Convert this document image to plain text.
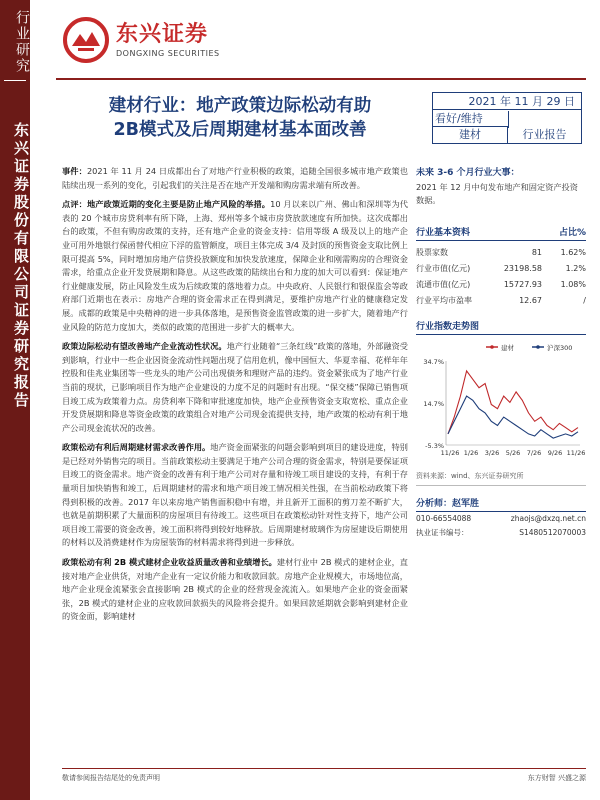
行业研究
东兴证券股份有限公司证券研究报告
东兴证券
DONGXING SECURITIES
建材行业：地产政策边际松动有助
2B模式及后周期建材基本面改善
2021 年 11 月 29 日
看好/维持
建材	行业报告

事件：2021 年 11 月 24 日成都出台了对地产行业积极的政策，追随全国很多城市地产政策也陆续出现一系列的变化，引起我们的关注是否在地产开发端和购房需求端有所改善。

点评：地产政策近期的变化主要是防止地产风险的举措。10 月以来以广州、佛山和深圳等为代表的 20 个城市房贷利率有所下降，上海、郑州等多个城市房贷放款速度有所加快。这次成都出台的政策，不但有购房政策的支持，还有地产企业的资金支持：信用等级 A 级及以上的地产企业可用外地银行保函替代相应下浮的监管额度，项目主体完成 3/4 及封顶的预售资金支取比例上限可提高 5%，同时增加房地产信贷投放额度和加快发放速度，保障企业和刚需购房的合理资金需求，给重点企业开发贷展期和降息。从这些政策的陆续出台和力度的加大可以看到：保证地产行业健康发展，防止风险发生成为后续政策的落地着力点。中央政府、人民银行和银保监会等政府部门近期也在表示：房地产合理的资金需求正在得到满足，要维护房地产行业的健康稳定发展。成都的政策是中央精神的进一步具体落地，是预售资金监管政策的进一步扩大，随着地产行业风险的防范力度加大，类似的政策的范围进一步扩大的概率大。

政策边际松动有望改善地产企业流动性状况。地产行业随着“三条红线”政策的落地，外部融资受到影响，行业中一些企业因资金流动性问题出现了信用危机，像中国恒大、华夏幸福、花样年年控股和佳兆业集团等一些龙头的地产公司出现债务和理财产品的违约。资金紧张成为了地产行业当前的现状，已影响项目作为地产企业建设的力度不足的问题时有出现。“保交楼”保障已销售项目竣工成为政策着力点。房贷利率下降和审批速度加快，地产企业预售资金支取宽松、重点企业开发贷展期和降息等资金政策的政策组合对地产公司现金流提供支持，地产政策的松动有利于地产公司现金流状况的改善。

政策松动有利后周期建材需求改善作用。地产资金面紧张的问题会影响到项目的建设进度，特别是已经对外销售完的项目。当前政策松动主要满足于地产公司合理的资金需求，特别是要保证项目竣工的资金需求。地产资金的改善有利于地产公司对存量和待竣工项目建设的支持，有利于存量项目加快销售和竣工，后周期建材的需求和地产项目竣工情况相关性强，在当前松动政策下将得到积极的改善。2017 年以来房地产销售面积稳中有增，并且新开工面积的剪刀差不断扩大，也就是前期积累了大量面积的房屋项目有待竣工。这些项目在政策松动针对性支持下，地产公司项目竣工需要的资金改善，竣工面积将得到较好地释放。后周期建材玻璃作为房屋建设后期使用的材料以及消费建材作为房屋装饰的材料需求将得到进一步释放。

政策松动有利 2B 模式建材企业收益质量改善和业绩增长。建材行业中 2B 模式的建材企业，直接对地产企业供货，对地产企业有一定议价能力和收款回款。房地产企业规模大，市场地位高，地产企业现金流紧张会直接影响 2B 模式的企业的经营现金流流入。如果地产企业的资金面紧张，2B 模式的建材企业的应收款回款损失的风险将会提升。如果回款延期就会影响到建材企业的资金面，影响建材

未来 3-6 个月行业大事：
2021 年 12 月中旬发布地产和固定资产投资数据。
行业基本资料	占比%
股票家数	81	1.62%
行业市值(亿元)	23198.58	1.2%
流通市值(亿元)	15727.93	1.08%
行业平均市盈率	12.67	/
行业指数走势图
34.7%
14.7%
-5.3%
11/26 1/26 3/26 5/26 7/26 9/26 11/26
建材	沪深300
资料来源：wind、东兴证券研究所
分析师：赵军胜
010-66554088	zhaojs@dxzq.net.cn
执业证书编号：	S1480512070003
敬请参阅报告结尾处的免责声明	东方财智 兴盛之源
